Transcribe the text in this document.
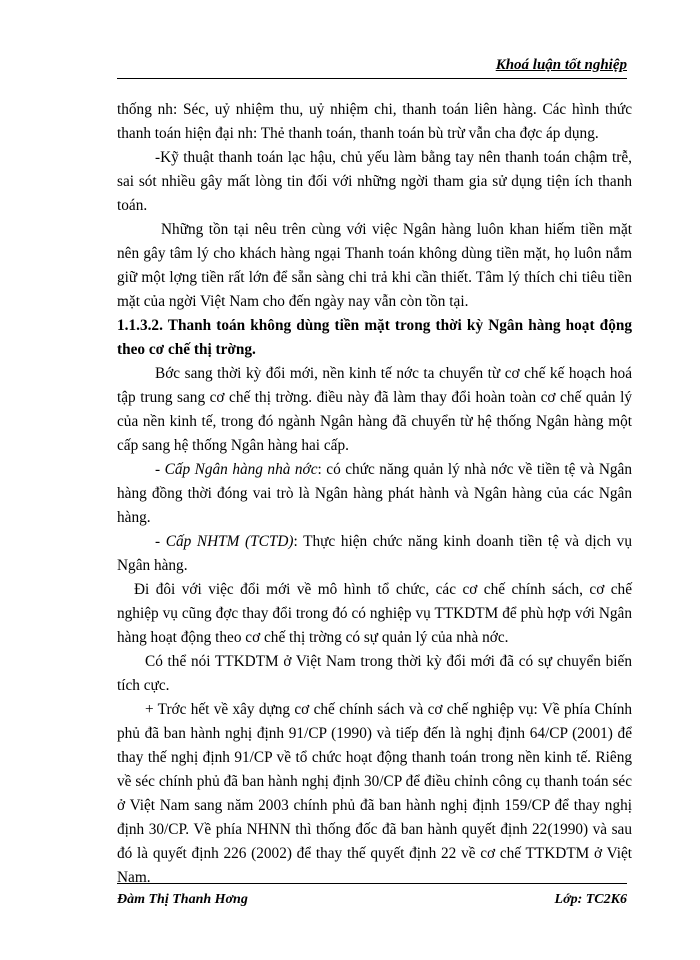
Khoá luận tốt nghiệp

thống nh: Séc, uỷ nhiệm thu, uỷ nhiệm chi, thanh toán liên hàng. Các hình thức thanh toán hiện đại nh: Thẻ thanh toán, thanh toán bù trừ vẫn cha đợc áp dụng.

-Kỹ thuật thanh toán lạc hậu, chủ yếu làm bằng tay nên thanh toán chậm trễ, sai sót nhiều gây mất lòng tin đối với những ngời tham gia sử dụng tiện ích thanh toán.

Những tồn tại nêu trên cùng với việc Ngân hàng luôn khan hiếm tiền mặt nên gây tâm lý cho khách hàng ngại Thanh toán không dùng tiền mặt, họ luôn nắm giữ một lợng tiền rất lớn để sẵn sàng chi trả khi cần thiết. Tâm lý thích chi tiêu tiền mặt của ngời Việt Nam cho đến ngày nay vẫn còn tồn tại.

1.1.3.2. Thanh toán không dùng tiền mặt trong thời kỳ Ngân hàng hoạt động theo cơ chế thị trờng.

Bớc sang thời kỳ đổi mới, nền kinh tế nớc ta chuyển từ cơ chế kế hoạch hoá tập trung sang cơ chế thị trờng. điều này đã làm thay đổi hoàn toàn cơ chế quản lý của nền kinh tế, trong đó ngành Ngân hàng đã chuyển từ hệ thống Ngân hàng một cấp sang hệ thống Ngân hàng hai cấp.

- Cấp Ngân hàng nhà nớc: có chức năng quản lý nhà nớc về tiền tệ và Ngân hàng đồng thời đóng vai trò là Ngân hàng phát hành và Ngân hàng của các Ngân hàng.

- Cấp NHTM (TCTD): Thực hiện chức năng kinh doanh tiền tệ và dịch vụ Ngân hàng.

Đi đôi với việc đổi mới về mô hình tổ chức, các cơ chế chính sách, cơ chế nghiệp vụ cũng đợc thay đổi trong đó có nghiệp vụ TTKDTM để phù hợp với Ngân hàng hoạt động theo cơ chế thị trờng có sự quản lý của nhà nớc.

Có thể nói TTKDTM ở Việt Nam trong thời kỳ đổi mới đã có sự chuyển biến tích cực.

+ Trớc hết về xây dựng cơ chế chính sách và cơ chế nghiệp vụ: Về phía Chính phủ đã ban hành nghị định 91/CP (1990) và tiếp đến là nghị định 64/CP (2001) để thay thế nghị định 91/CP về tổ chức hoạt động thanh toán trong nền kinh tế. Riêng về séc chính phủ đã ban hành nghị định 30/CP để điều chỉnh công cụ thanh toán séc ở Việt Nam sang năm 2003 chính phủ đã ban hành nghị định 159/CP để thay nghị định 30/CP. Về phía NHNN thì thống đốc đã ban hành quyết định 22(1990) và sau đó là quyết định 226 (2002) để thay thế quyết định 22 về cơ chế TTKDTM ở Việt Nam.

Đàm Thị Thanh Hơng	Lớp: TC2K6
